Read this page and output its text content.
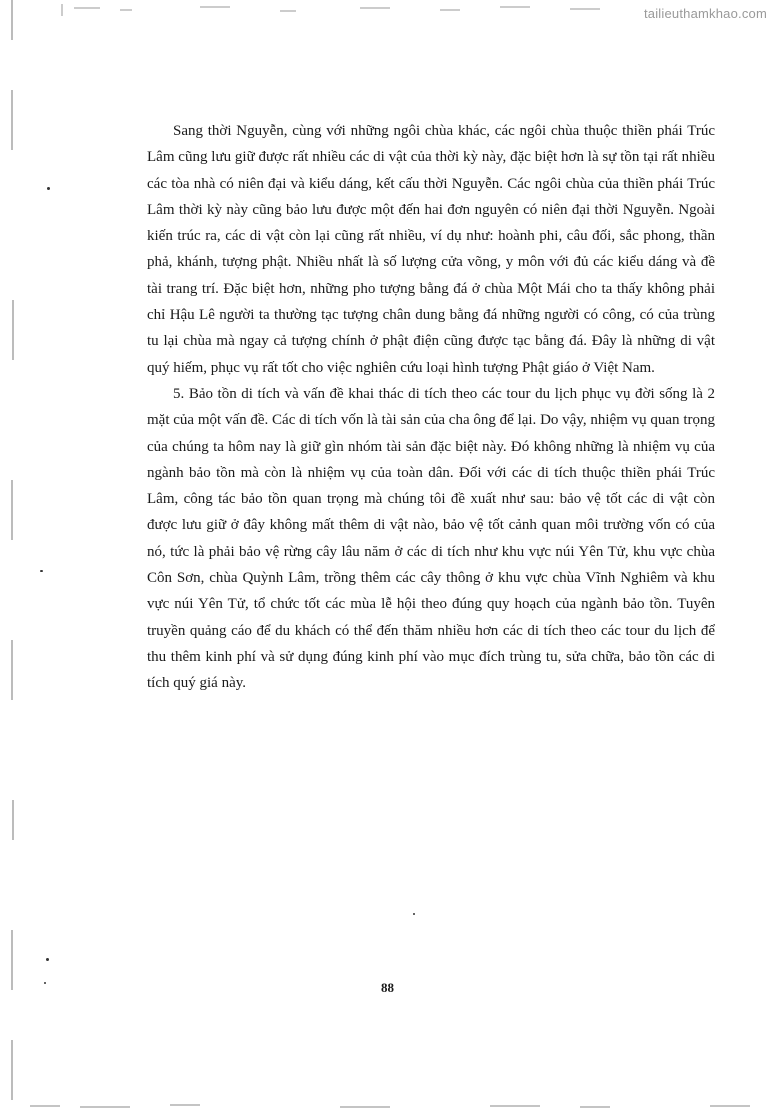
tailieuthamkhao.com

Sang thời Nguyễn, cùng với những ngôi chùa khác, các ngôi chùa thuộc thiền phái Trúc Lâm cũng lưu giữ được rất nhiều các di vật của thời kỳ này, đặc biệt hơn là sự tồn tại rất nhiều các tòa nhà có niên đại và kiểu dáng, kết cấu thời Nguyễn. Các ngôi chùa của thiền phái Trúc Lâm thời kỳ này cũng bảo lưu được một đến hai đơn nguyên có niên đại thời Nguyễn. Ngoài kiến trúc ra, các di vật còn lại cũng rất nhiều, ví dụ như: hoành phi, câu đối, sắc phong, thần phả, khánh, tượng phật. Nhiều nhất là số lượng cửa võng, y môn với đủ các kiểu dáng và đề tài trang trí. Đặc biệt hơn, những pho tượng bằng đá ở chùa Một Mái cho ta thấy không phải chỉ Hậu Lê người ta thường tạc tượng chân dung bằng đá những người có công, có của trùng tu lại chùa mà ngay cả tượng chính ở phật điện cũng được tạc bằng đá. Đây là những di vật quý hiếm, phục vụ rất tốt cho việc nghiên cứu loại hình tượng Phật giáo ở Việt Nam.

5. Bảo tồn di tích và vấn đề khai thác di tích theo các tour du lịch phục vụ đời sống là 2 mặt của một vấn đề. Các di tích vốn là tài sản của cha ông để lại. Do vậy, nhiệm vụ quan trọng của chúng ta hôm nay là giữ gìn nhóm tài sản đặc biệt này. Đó không những là nhiệm vụ của ngành bảo tồn mà còn là nhiệm vụ của toàn dân. Đối với các di tích thuộc thiền phái Trúc Lâm, công tác bảo tồn quan trọng mà chúng tôi đề xuất như sau: bảo vệ tốt các di vật còn được lưu giữ ở đây không mất thêm di vật nào, bảo vệ tốt cảnh quan môi trường vốn có của nó, tức là phải bảo vệ rừng cây lâu năm ở các di tích như khu vực núi Yên Tử, khu vực chùa Côn Sơn, chùa Quỳnh Lâm, trồng thêm các cây thông ở khu vực chùa Vĩnh Nghiêm và khu vực núi Yên Tử, tổ chức tốt các mùa lễ hội theo đúng quy hoạch của ngành bảo tồn. Tuyên truyền quảng cáo để du khách có thể đến thăm nhiều hơn các di tích theo các tour du lịch để thu thêm kinh phí và sử dụng đúng kinh phí vào mục đích trùng tu, sửa chữa, bảo tồn các di tích quý giá này.

88
